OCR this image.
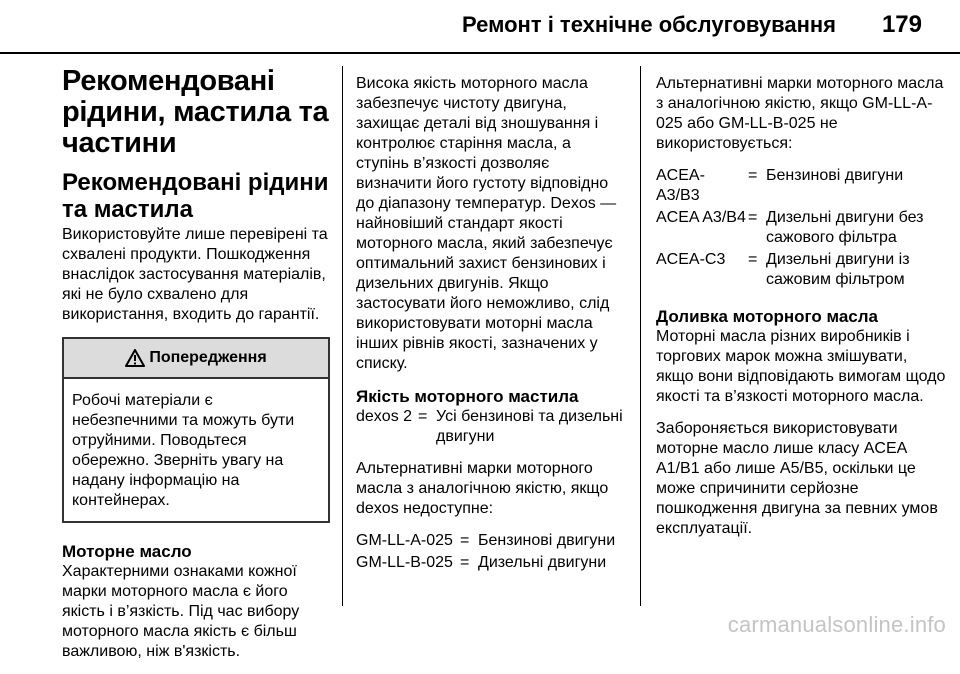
Ремонт і технічне обслуговування 179
Рекомендовані рідини, мастила та частини
Рекомендовані рідини та мастила

Використовуйте лише перевірені та схвалені продукти. Пошкодження внаслідок застосування матеріалів, які не було схвалено для використання, входить до гарантії.

Попередження
Робочі матеріали є небезпечними та можуть бути отруйними. Поводьтеся обережно. Зверніть увагу на надану інформацію на контейнерах.
Моторне масло

Характерними ознаками кожної марки моторного масла є його якість і в’язкість. Під час вибору моторного масла якість є більш важливою, ніж в'язкість.

Висока якість моторного масла забезпечує чистоту двигуна, захищає деталі від зношування і контролює старіння масла, а ступінь в’язкості дозволяє визначити його густоту відповідно до діапазону температур. Dexos — найновіший стандарт якості моторного масла, який забезпечує оптимальний захист бензинових і дизельних двигунів. Якщо застосувати його неможливо, слід використовувати моторні масла інших рівнів якості, зазначених у списку.

Якість моторного мастила
dexos 2 = Усі бензинові та дизельні двигуни

Альтернативні марки моторного масла з аналогічною якістю, якщо dexos недоступне:

GM-LL-A-025 = Бензинові двигуни
GM-LL-B-025 = Дизельні двигуни

Альтернативні марки моторного масла з аналогічною якістю, якщо GM-LL-A-025 або GM-LL-B-025 не використовується:

ACEA-A3/B3
= Бензинові двигуни
ACEA A3/B4 = Дизельні двигуни без сажового фільтра
ACEA-C3	= Дизельні двигуни із сажовим фільтром
Доливка моторного масла

Моторні масла різних виробників і торгових марок можна змішувати, якщо вони відповідають вимогам щодо якості та в’язкості моторного масла.

Забороняється використовувати моторне масло лише класу ACEA A1/B1 або лише A5/B5, оскільки це може спричинити серйозне пошкодження двигуна за певних умов експлуатації.

carmanualsonline.info
